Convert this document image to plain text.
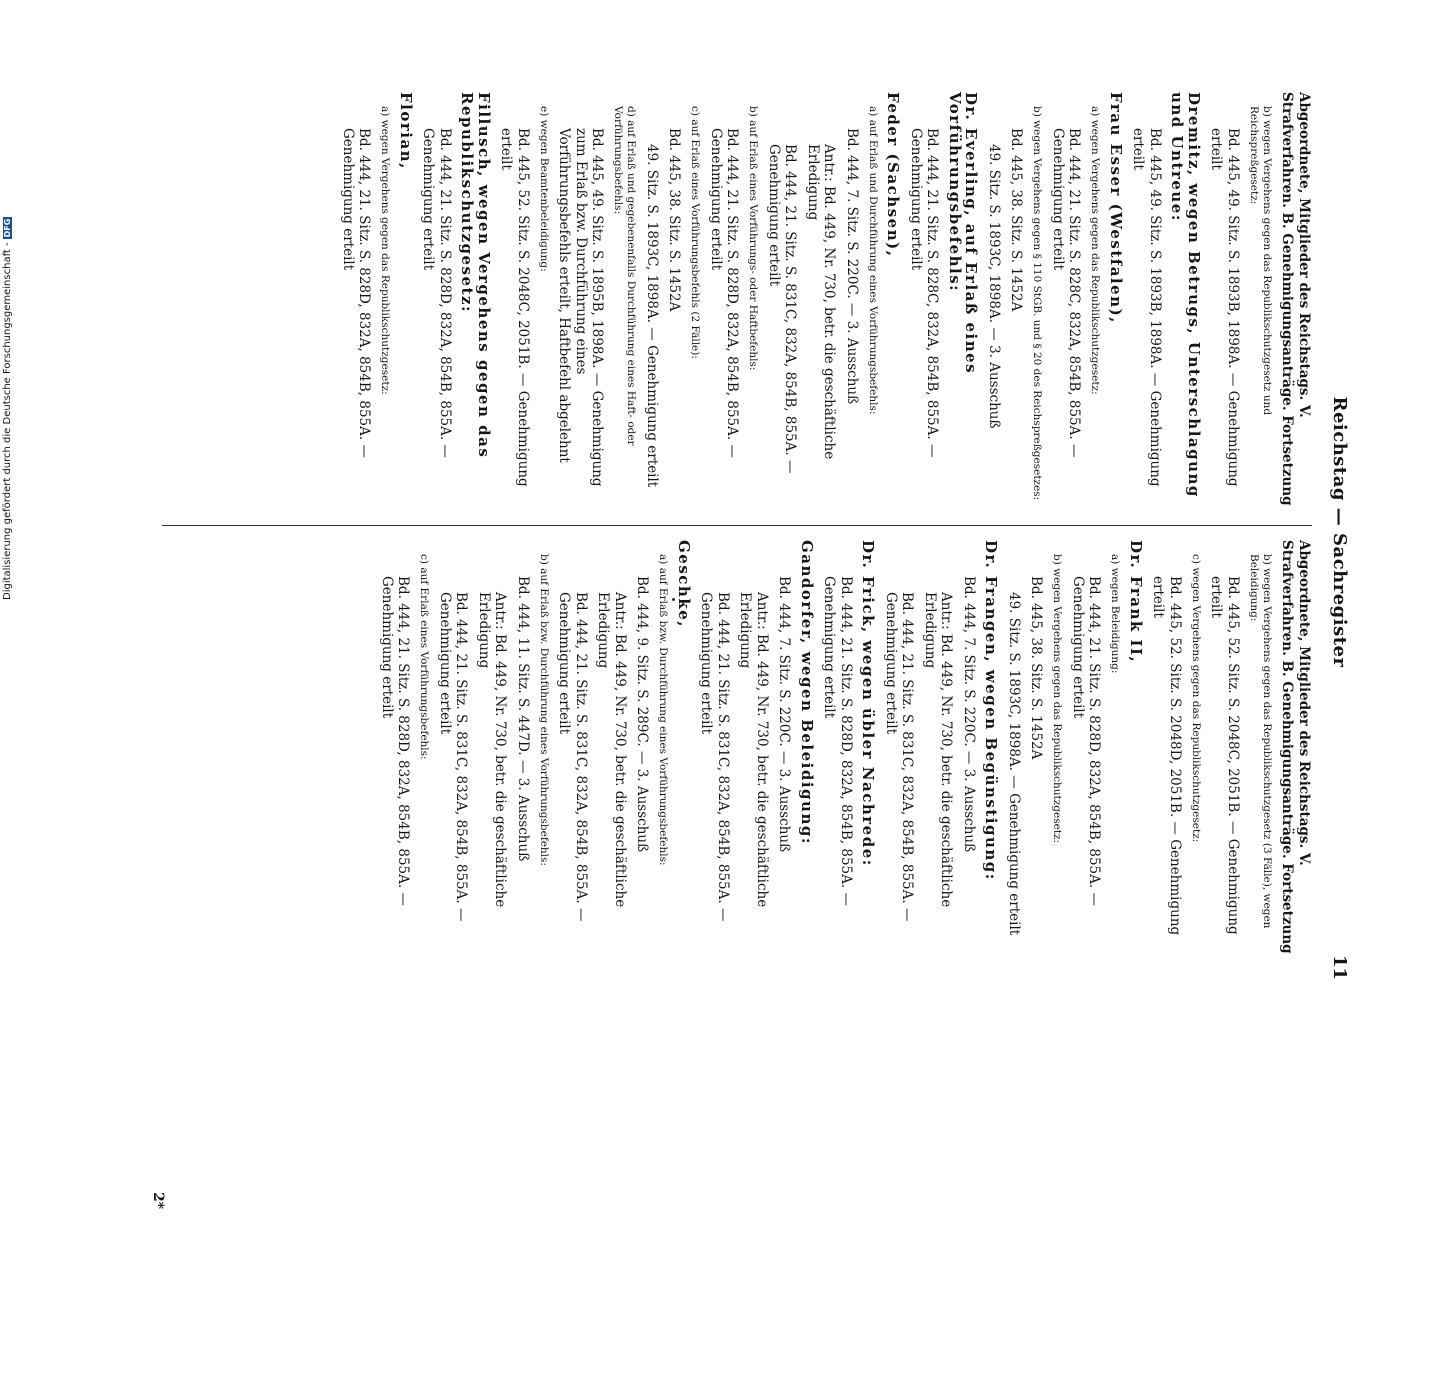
Reichstag — Sachregister
11
Abgeordnete, Mitglieder des Reichstags. V. Strafverfahren. B. Genehmigungsanträge. Fortsetzung
b) wegen Vergehens gegen das Republikschutzgesetz und Reichspreßgesetz:
Bd. 445, 49. Sitz. S. 1893B, 1898A. — Genehmigung erteilt
Dremitz, wegen Betrugs, Unterschlagung und Untreue:
Bd. 445, 49. Sitz. S. 1893B, 1898A. — Genehmigung erteilt
Frau Esser (Westfalen),
a) wegen Vergehens gegen das Republikschutzgesetz:
Bd. 444, 21. Sitz. S. 828C, 832A, 854B, 855A. — Genehmigung erteilt
b) wegen Vergehens gegen § 110 StGB. und § 20 des Reichspreßgesetzes:
Bd. 445, 38. Sitz. S. 1452A
49. Sitz. S. 1893C, 1898A. — 3. Ausschuß
Dr. Everling, auf Erlaß eines Vorführungsbefehls:
Bd. 444, 21. Sitz. S. 828C, 832A, 854B, 855A. — Genehmigung erteilt
Feder (Sachsen),
a) auf Erlaß und Durchführung eines Vorführungsbefehls:
Bd. 444, 7. Sitz. S. 220C. — 3. Ausschuß
Antr.: Bd. 449, Nr. 730, betr. die geschäftliche Erledigung
Bd. 444, 21. Sitz. S. 831C, 832A, 854B, 855A. — Genehmigung erteilt
b) auf Erlaß eines Vorführungs- oder Haftbefehls:
Bd. 444, 21. Sitz. S. 828D, 832A, 854B, 855A. — Genehmigung erteilt
c) auf Erlaß eines Vorführungsbefehls (2 Fälle):
Bd. 445, 38. Sitz. S. 1452A
49. Sitz. S. 1893C, 1898A. — Genehmigung erteilt
d) auf Erlaß und gegebenenfalls Durchführung eines Haft- oder Vorführungsbefehls:
Bd. 445, 49. Sitz. S. 1895B, 1898A. — Genehmigung zum Erlaß bzw. Durchführung eines Vorführungsbefehls erteilt, Haftbefehl abgelehnt
e) wegen Beamtenbeleidigung:
Bd. 445, 52. Sitz. S. 2048C, 2051B. — Genehmigung erteilt
Fillusch, wegen Vergehens gegen das Republikschutzgesetz:
Bd. 444, 21. Sitz. S. 828D, 832A, 854B, 855A. — Genehmigung erteilt
Florian,
a) wegen Vergehens gegen das Republikschutzgesetz:
Bd. 444, 21. Sitz. S. 828D, 832A, 854B, 855A. — Genehmigung erteilt
Abgeordnete, Mitglieder des Reichstags. V. Strafverfahren. B. Genehmigungsanträge. Fortsetzung
b) wegen Vergehens gegen das Republikschutzgesetz (3 Fälle), wegen Beleidigung:
Bd. 445, 52. Sitz. S. 2048C, 2051B. — Genehmigung erteilt
c) wegen Vergehens gegen das Republikschutzgesetz:
Bd. 445, 52. Sitz. S. 2048D, 2051B. — Genehmigung erteilt
Dr. Frank II,
a) wegen Beleidigung:
Bd. 444, 21. Sitz. S. 828D, 832A, 854B, 855A. — Genehmigung erteilt
b) wegen Vergehens gegen das Republikschutzgesetz:
Bd. 445, 38. Sitz. S. 1452A
49. Sitz. S. 1893C, 1898A. — Genehmigung erteilt
Dr. Frangen, wegen Begünstigung:
Bd. 444, 7. Sitz. S. 220C. — 3. Ausschuß
Antr.: Bd. 449, Nr. 730, betr. die geschäftliche Erledigung
Bd. 444, 21. Sitz. S. 831C, 832A, 854B, 855A. — Genehmigung erteilt
Dr. Frick, wegen übler Nachrede:
Bd. 444, 21. Sitz. S. 828D, 832A, 854B, 855A. — Genehmigung erteilt
Gandorfer, wegen Beleidigung:
Bd. 444, 7. Sitz. S. 220C. — 3. Ausschuß
Antr.: Bd. 449, Nr. 730, betr. die geschäftliche Erledigung
Bd. 444, 21. Sitz. S. 831C, 832A, 854B, 855A. — Genehmigung erteilt
Geschke,
a) auf Erlaß bzw. Durchführung eines Vorführungsbefehls:
Bd. 444, 9. Sitz. S. 289C. — 3. Ausschuß
Antr.: Bd. 449, Nr. 730, betr. die geschäftliche Erledigung
Bd. 444, 21. Sitz. S. 831C, 832A, 854B, 855A. — Genehmigung erteilt
b) auf Erlaß bzw. Durchführung eines Vorführungsbefehls:
Bd. 444, 11. Sitz. S. 447D. — 3. Ausschuß
Antr.: Bd. 449, Nr. 730, betr. die geschäftliche Erledigung
Bd. 444, 21. Sitz. S. 831C, 832A, 854B, 855A. — Genehmigung erteilt
c) auf Erlaß eines Vorführungsbefehls:
Bd. 444, 21. Sitz. S. 828D, 832A, 854B, 855A. — Genehmigung erteilt
2*
Digitalisierung gefördert durch die Deutsche Forschungsgemeinschaft -DFG
